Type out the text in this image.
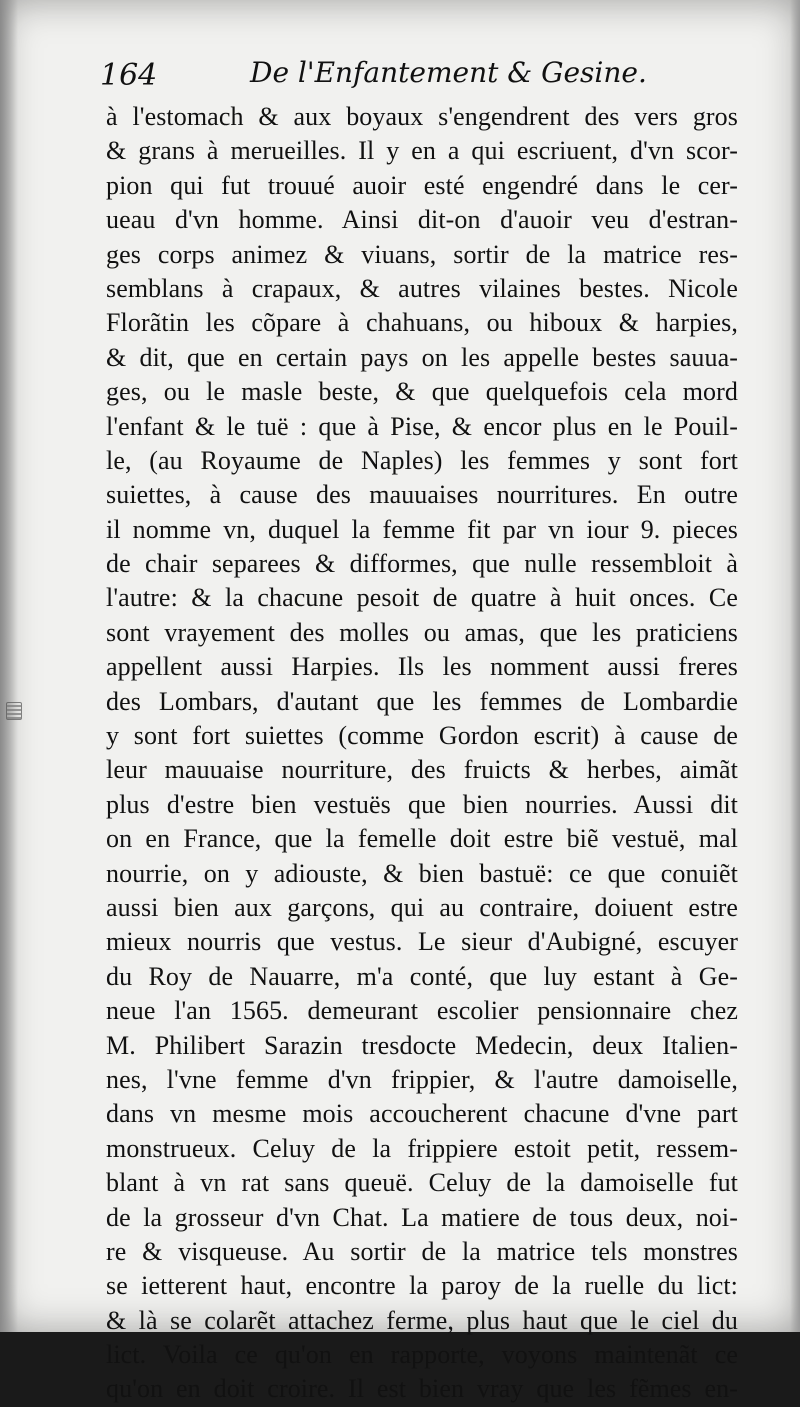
164	De l'Enfantement & Gesine.
à l'estomach & aux boyaux s'engendrent des vers gros
& grans à merueilles. Il y en a qui escriuent, d'vn scor-
pion qui fut trouué auoir esté engendré dans le cer-
ueau d'vn homme. Ainsi dit-on d'auoir veu d'estran-
ges corps animez & viuans, sortir de la matrice res-
semblans à crapaux, & autres vilaines bestes. Nicole
Florãtin les cõpare à chahuans, ou hiboux & harpies,
& dit, que en certain pays on les appelle bestes sauua-
ges, ou le masle beste, & que quelquefois cela mord
l'enfant & le tuë : que à Pise, & encor plus en le Pouil-
le, (au Royaume de Naples) les femmes y sont fort
suiettes, à cause des mauuaises nourritures. En outre
il nomme vn, duquel la femme fit par vn iour 9. pieces
de chair separees & difformes, que nulle ressembloit à
l'autre: & la chacune pesoit de quatre à huit onces. Ce
sont vrayement des molles ou amas, que les praticiens
appellent aussi Harpies. Ils les nomment aussi freres
des Lombars, d'autant que les femmes de Lombardie
y sont fort suiettes (comme Gordon escrit) à cause de
leur mauuaise nourriture, des fruicts & herbes, aimãt
plus d'estre bien vestuës que bien nourries. Aussi dit
on en France, que la femelle doit estre biẽ vestuë, mal
nourrie, on y adiouste, & bien bastuë: ce que conuiẽt
aussi bien aux garçons, qui au contraire, doiuent estre
mieux nourris que vestus. Le sieur d'Aubigné, escuyer
du Roy de Nauarre, m'a conté, que luy estant à Ge-
neue l'an 1565. demeurant escolier pensionnaire chez
M. Philibert Sarazin tresdocte Medecin, deux Italien-
nes, l'vne femme d'vn frippier, & l'autre damoiselle,
dans vn mesme mois accoucherent chacune d'vne part
monstrueux. Celuy de la frippiere estoit petit, ressem-
blant à vn rat sans queuë. Celuy de la damoiselle fut
de la grosseur d'vn Chat. La matiere de tous deux, noi-
re & visqueuse. Au sortir de la matrice tels monstres
se ietterent haut, encontre la paroy de la ruelle du lict:
& là se colarẽt attachez ferme, plus haut que le ciel du
lict. Voila ce qu'on en rapporte, voyons maintenãt ce
qu'on en doit croire. Il est bien vray que les fẽmes en-
